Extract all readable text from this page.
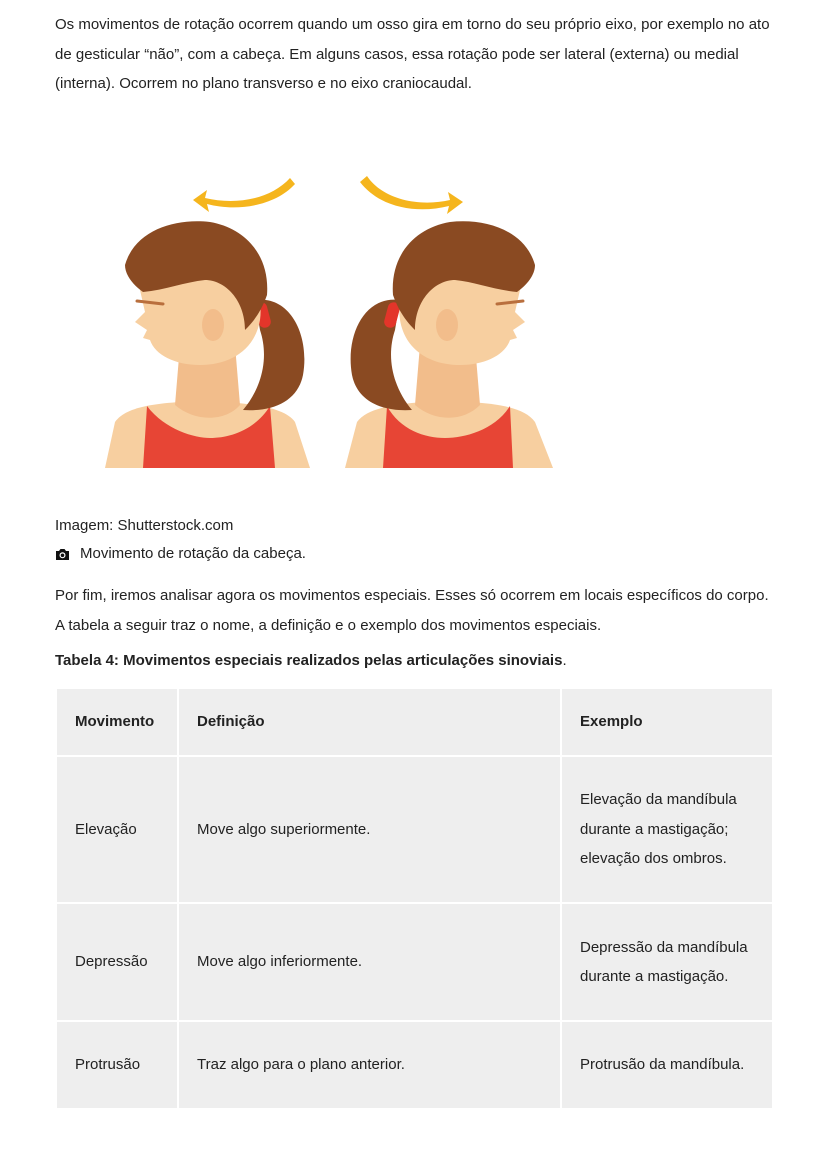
Os movimentos de rotação ocorrem quando um osso gira em torno do seu próprio eixo, por exemplo no ato de gesticular “não”, com a cabeça. Em alguns casos, essa rotação pode ser lateral (externa) ou medial (interna). Ocorrem no plano transverso e no eixo craniocaudal.

Imagem: Shutterstock.com
Movimento de rotação da cabeça.

Por fim, iremos analisar agora os movimentos especiais. Esses só ocorrem em locais específicos do corpo. A tabela a seguir traz o nome, a definição e o exemplo dos movimentos especiais.

Tabela 4: Movimentos especiais realizados pelas articulações sinoviais.
Movimento	Definição	Exemplo
Elevação	Move algo superiormente.	Elevação da mandíbula
durante a mastigação;
elevação dos ombros.

Depressão	Move algo inferiormente.	Depressão da mandíbula
durante a mastigação.

Protrusão	Traz algo para o plano anterior.	Protrusão da mandíbula.
